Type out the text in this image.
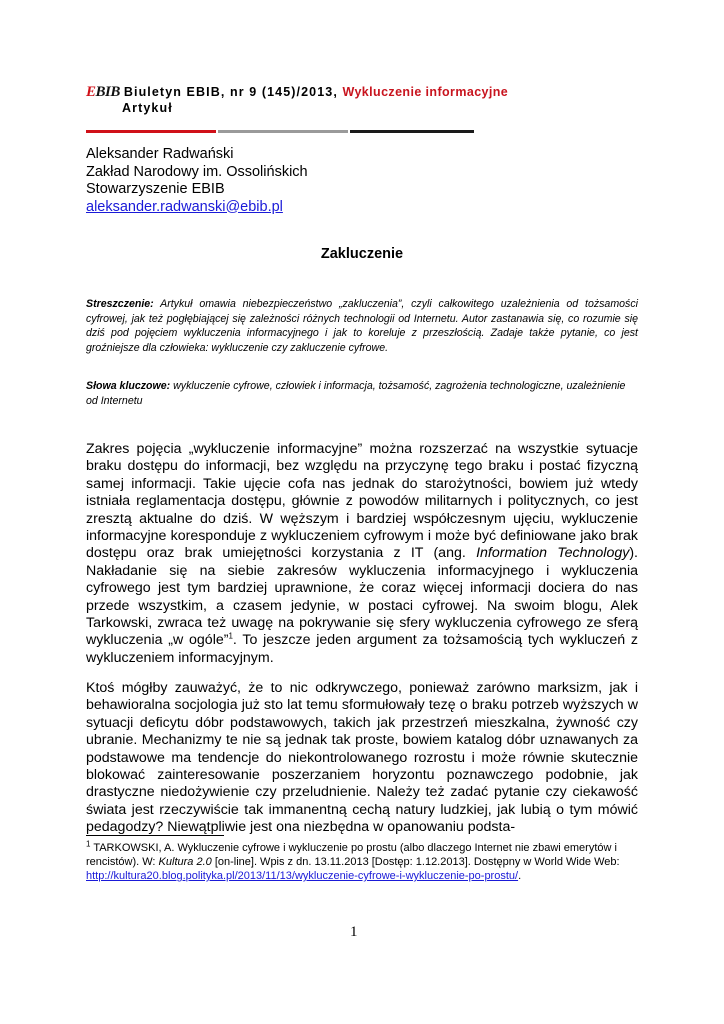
EBIB Biuletyn EBIB, nr 9 (145)/2013, Wykluczenie informacyjne
Artykuł
Aleksander Radwański
Zakład Narodowy im. Ossolińskich
Stowarzyszenie EBIB
aleksander.radwanski@ebib.pl
Zakluczenie
Streszczenie: Artykuł omawia niebezpieczeństwo „zakluczenia”, czyli całkowitego uzależnienia od tożsamości cyfrowej, jak też pogłębiającej się zależności różnych technologii od Internetu. Autor zastanawia się, co rozumie się dziś pod pojęciem wykluczenia informacyjnego i jak to koreluje z przeszłością. Zadaje także pytanie, co jest groźniejsze dla człowieka: wykluczenie czy zakluczenie cyfrowe.
Słowa kluczowe: wykluczenie cyfrowe, człowiek i informacja, tożsamość, zagrożenia technologiczne, uzależnienie od Internetu
Zakres pojęcia „wykluczenie informacyjne” można rozszerzać na wszystkie sytuacje braku dostępu do informacji, bez względu na przyczynę tego braku i postać fizyczną samej informacji. Takie ujęcie cofa nas jednak do starożytności, bowiem już wtedy istniała reglamentacja dostępu, głównie z powodów militarnych i politycznych, co jest zresztą aktualne do dziś. W węższym i bardziej współczesnym ujęciu, wykluczenie informacyjne koresponduje z wykluczeniem cyfrowym i może być definiowane jako brak dostępu oraz brak umiejętności korzystania z IT (ang. Information Technology). Nakładanie się na siebie zakresów wykluczenia informacyjnego i wykluczenia cyfrowego jest tym bardziej uprawnione, że coraz więcej informacji dociera do nas przede wszystkim, a czasem jedynie, w postaci cyfrowej. Na swoim blogu, Alek Tarkowski, zwraca też uwagę na pokrywanie się sfery wykluczenia cyfrowego ze sferą wykluczenia „w ogóle”$^1$. To jeszcze jeden argument za tożsamością tych wykluczeń z wykluczeniem informacyjnym.
Ktoś mógłby zauważyć, że to nic odkrywczego, ponieważ zarówno marksizm, jak i behawioralna socjologia już sto lat temu sformułowały tezę o braku potrzeb wyższych w sytuacji deficytu dóbr podstawowych, takich jak przestrzeń mieszkalna, żywność czy ubranie. Mechanizmy te nie są jednak tak proste, bowiem katalog dóbr uznawanych za podstawowe ma tendencje do niekontrolowanego rozrostu i może równie skutecznie blokować zainteresowanie poszerzaniem horyzontu poznawczego podobnie, jak drastyczne niedożywienie czy przeludnienie. Należy też zadać pytanie czy ciekawość świata jest rzeczywiście tak immanentną cechą natury ludzkiej, jak lubią o tym mówić pedagodzy? Niewątpliwie jest ona niezbędna w opanowaniu podsta-
$^1$ TARKOWSKI, A. Wykluczenie cyfrowe i wykluczenie po prostu (albo dlaczego Internet nie zbawi emerytów i rencistów). W: Kultura 2.0 [on-line]. Wpis z dn. 13.11.2013 [Dostęp: 1.12.2013]. Dostępny w World Wide Web: http://kultura20.blog.polityka.pl/2013/11/13/wykluczenie-cyfrowe-i-wykluczenie-po-prostu/.
1
